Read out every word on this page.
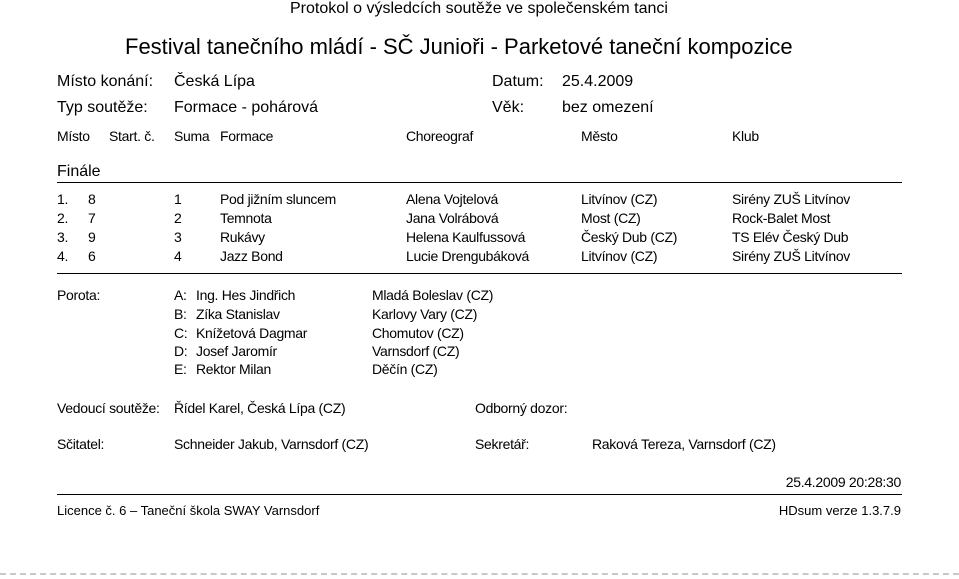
Protokol o výsledcích soutěže ve společenském tanci
Festival tanečního mládí - SČ Junioři - Parketové taneční kompozice
Místo konání: Česká Lípa	Datum: 25.4.2009
Typ soutěže: Formace - pohárová	Věk: bez omezení
Místo Start. č. Suma Formace	Choreograf	Město	Klub
Finále
1. 8	1	Pod jižním sluncem	Alena Vojtelová	Litvínov (CZ)	Sirény ZUŠ Litvínov
2. 7	2	Temnota	Jana Volrábová	Most (CZ)	Rock-Balet Most
3. 9	3	Rukávy	Helena Kaulfussová	Český Dub (CZ)	TS Elév Český Dub
4. 6	4	Jazz Bond	Lucie Drengubáková	Litvínov (CZ)	Sirény ZUŠ Litvínov
Porota:	A: Ing. Hes Jindřich	Mladá Boleslav (CZ)
B: Zíka Stanislav	Karlovy Vary (CZ)
C: Knížetová Dagmar	Chomutov (CZ)
D: Josef Jaromír	Varnsdorf (CZ)
E: Rektor Milan	Děčín (CZ)
Vedoucí soutěže: Řídel Karel, Česká Lípa (CZ)	Odborný dozor:
Sčitatel:	Schneider Jakub, Varnsdorf (CZ)	Sekretář:	Raková Tereza, Varnsdorf (CZ)
25.4.2009 20:28:30
Licence č. 6 – Taneční škola SWAY Varnsdorf	HDsum verze 1.3.7.9
